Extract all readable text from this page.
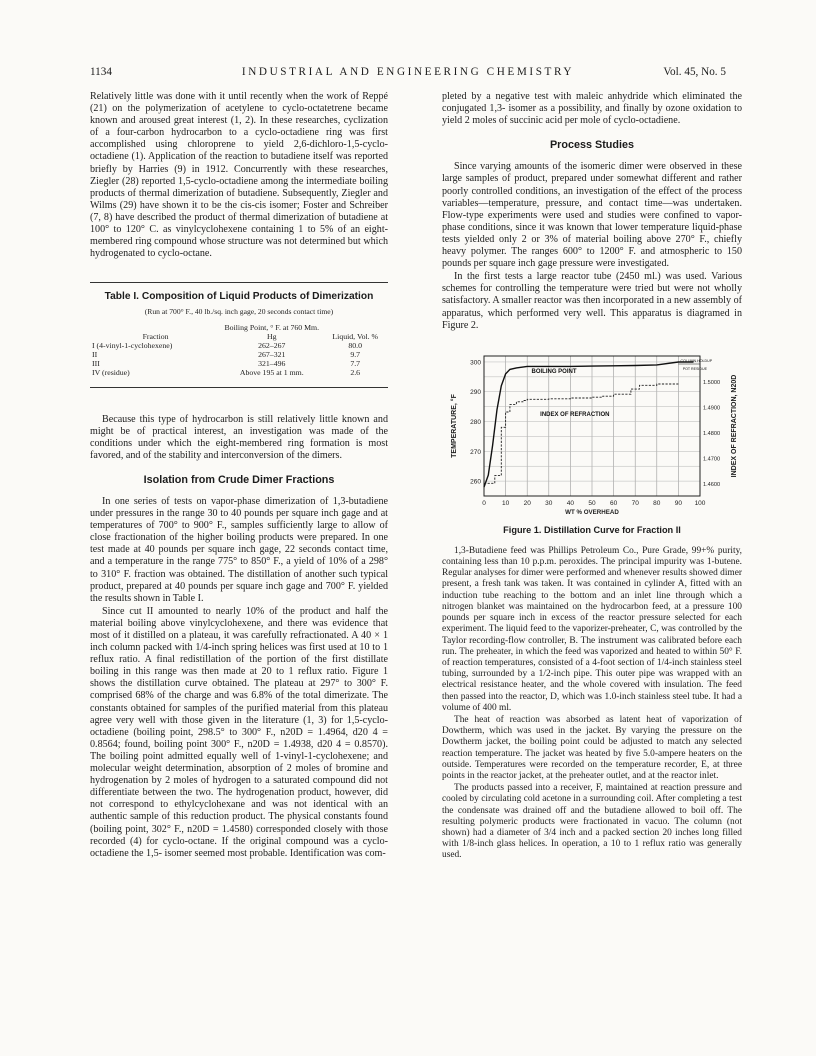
1134	INDUSTRIAL AND ENGINEERING CHEMISTRY	Vol. 45, No. 5

Relatively little was done with it until recently when the work of Reppé (21) on the polymerization of acetylene to cyclo-octatetrene became known and aroused great interest (1, 2). In these researches, cyclization of a four-carbon hydrocarbon to a cyclo-octadiene ring was first accomplished using chloroprene to yield 2,6-dichloro-1,5-cyclo-octadiene (1). Application of the reaction to butadiene itself was reported briefly by Harries (9) in 1912. Concurrently with these researches, Ziegler (28) reported 1,5-cyclo-octadiene among the intermediate boiling products of thermal dimerization of butadiene. Subsequently, Ziegler and Wilms (29) have shown it to be the cis-cis isomer; Foster and Schreiber (7, 8) have described the product of thermal dimerization of butadiene at 100° to 120° C. as vinylcyclohexene containing 1 to 5% of an eight-membered ring compound whose structure was not determined but which hydrogenated to cyclo-octane.

Table I. Composition of Liquid Products of Dimerization
(Run at 700° F., 40 lb./sq. inch gage, 20 seconds contact time)
Fraction	Boiling Point, ° F. at 760 Mm. Hg	Liquid, Vol. %
I (4-vinyl-1-cyclohexene)	262–267	80.0
II	267–321	9.7
III	321–496	7.7
IV (residue)	Above 195 at 1 mm.	2.6

Because this type of hydrocarbon is still relatively little known and might be of practical interest, an investigation was made of the conditions under which the eight-membered ring formation is most favored, and of the stability and interconversion of the dimers.

Isolation from Crude Dimer Fractions

In one series of tests on vapor-phase dimerization of 1,3-butadiene under pressures in the range 30 to 40 pounds per square inch gage and at temperatures of 700° to 900° F., samples sufficiently large to allow of close fractionation of the higher boiling products were prepared. In one test made at 40 pounds per square inch gage, 22 seconds contact time, and a temperature in the range 775° to 850° F., a yield of 10% of a 298° to 310° F. fraction was obtained. The distillation of another such typical product, prepared at 40 pounds per square inch gage and 700° F. yielded the results shown in Table I.

Since cut II amounted to nearly 10% of the product and half the material boiling above vinylcyclohexene, and there was evidence that most of it distilled on a plateau, it was carefully refractionated. A 40 × 1 inch column packed with 1/4-inch spring helices was first used at 10 to 1 reflux ratio. A final redistillation of the portion of the first distillate boiling in this range was then made at 20 to 1 reflux ratio. Figure 1 shows the distillation curve obtained. The plateau at 297° to 300° F. comprised 68% of the charge and was 6.8% of the total dimerizate. The constants obtained for samples of the purified material from this plateau agree very well with those given in the literature (1, 3) for 1,5-cyclo-octadiene (boiling point, 298.5° to 300° F., n20D = 1.4964, d20 4 = 0.8564; found, boiling point 300° F., n20D = 1.4938, d20 4 = 0.8570). The boiling point admitted equally well of 1-vinyl-1-cyclohexene; and molecular weight determination, absorption of 2 moles of bromine and hydrogenation by 2 moles of hydrogen to a saturated compound did not differentiate between the two. The hydrogenation product, however, did not correspond to ethylcyclohexane and was not identical with an authentic sample of this reduction product. The physical constants found (boiling point, 302° F., n20D = 1.4580) corresponded closely with those recorded (4) for cyclo-octane. If the original compound was a cyclo-octadiene the 1,5- isomer seemed most probable. Identification was com-

pleted by a negative test with maleic anhydride which eliminated the conjugated 1,3- isomer as a possibility, and finally by ozone oxidation to yield 2 moles of succinic acid per mole of cyclo-octadiene.

Process Studies

Since varying amounts of the isomeric dimer were observed in these large samples of product, prepared under somewhat different and rather poorly controlled conditions, an investigation of the effect of the process variables—temperature, pressure, and contact time—was undertaken. Flow-type experiments were used and studies were confined to vapor-phase conditions, since it was known that lower temperature liquid-phase tests yielded only 2 or 3% of material boiling above 270° F., chiefly heavy polymer. The ranges 600° to 1200° F. and atmospheric to 150 pounds per square inch gage pressure were investigated.

In the first tests a large reactor tube (2450 ml.) was used. Various schemes for controlling the temperature were tried but were not wholly satisfactory. A smaller reactor was then incorporated in a new assembly of apparatus, which performed very well. This apparatus is diagramed in Figure 2.

0 10 20 30 40 50 60 70 80 90 100
260
270
280
290
300
1.4600
1.4700
1.4800
1.4900
1.5000
WT % OVERHEAD
TEMPERATURE, °F	INDEX OF REFRACTION, N20D
BOILING POINT
INDEX OF REFRACTION
COLUMN HOLDUP
POT RESIDUE
Figure 1. Distillation Curve for Fraction II

1,3-Butadiene feed was Phillips Petroleum Co., Pure Grade, 99+% purity, containing less than 10 p.p.m. peroxides. The principal impurity was 1-butene. Regular analyses for dimer were performed and whenever results showed dimer present, a fresh tank was taken. It was contained in cylinder A, fitted with an induction tube reaching to the bottom and an inlet line through which a nitrogen blanket was maintained on the hydrocarbon feed, at a pressure 100 pounds per square inch in excess of the reactor pressure selected for each experiment. The liquid feed to the vaporizer-preheater, C, was controlled by the Taylor recording-flow controller, B. The instrument was calibrated before each run. The preheater, in which the feed was vaporized and heated to within 50° F. of reaction temperatures, consisted of a 4-foot section of 1/4-inch stainless steel tubing, surrounded by a 1/2-inch pipe. This outer pipe was wrapped with an electrical resistance heater, and the whole covered with insulation. The feed then passed into the reactor, D, which was 1.0-inch stainless steel tube. It had a volume of 400 ml.

The heat of reaction was absorbed as latent heat of vaporization of Dowtherm, which was used in the jacket. By varying the pressure on the Dowtherm jacket, the boiling point could be adjusted to match any selected reaction temperature. The jacket was heated by five 5.0-ampere heaters on the outside. Temperatures were recorded on the temperature recorder, E, at three points in the reactor jacket, at the preheater outlet, and at the reactor inlet.

The products passed into a receiver, F, maintained at reaction pressure and cooled by circulating cold acetone in a surrounding coil. After completing a test the condensate was drained off and the butadiene allowed to boil off. The resulting polymeric products were fractionated in vacuo. The column (not shown) had a diameter of 3/4 inch and a packed section 20 inches long filled with 1/8-inch glass helices. In operation, a 10 to 1 reflux ratio was generally used.
